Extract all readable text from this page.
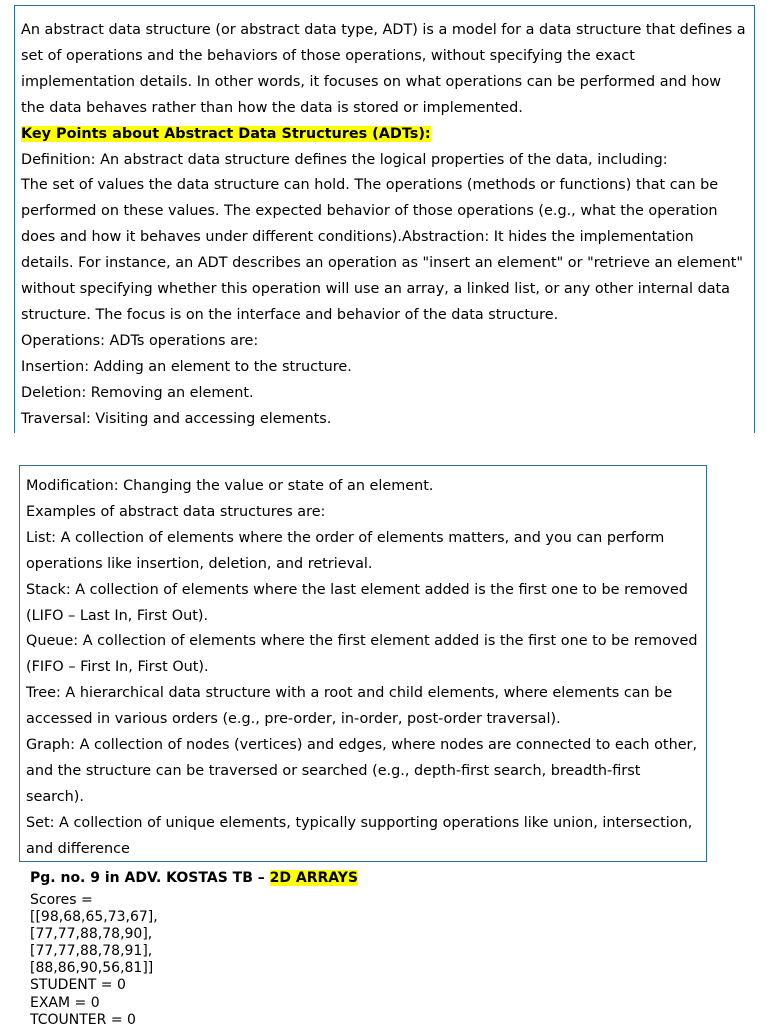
An abstract data structure (or abstract data type, ADT) is a model for a data structure that defines a
set of operations and the behaviors of those operations, without specifying the exact
implementation details. In other words, it focuses on what operations can be performed and how
the data behaves rather than how the data is stored or implemented.
Key Points about Abstract Data Structures (ADTs):
Definition: An abstract data structure defines the logical properties of the data, including:
The set of values the data structure can hold. The operations (methods or functions) that can be
performed on these values. The expected behavior of those operations (e.g., what the operation
does and how it behaves under different conditions).Abstraction: It hides the implementation
details. For instance, an ADT describes an operation as "insert an element" or "retrieve an element"
without specifying whether this operation will use an array, a linked list, or any other internal data
structure. The focus is on the interface and behavior of the data structure.
Operations: ADTs operations are:
Insertion: Adding an element to the structure.
Deletion: Removing an element.
Traversal: Visiting and accessing elements.
Modification: Changing the value or state of an element.
Examples of abstract data structures are:
List: A collection of elements where the order of elements matters, and you can perform
operations like insertion, deletion, and retrieval.
Stack: A collection of elements where the last element added is the first one to be removed
(LIFO – Last In, First Out).
Queue: A collection of elements where the first element added is the first one to be removed
(FIFO – First In, First Out).
Tree: A hierarchical data structure with a root and child elements, where elements can be
accessed in various orders (e.g., pre-order, in-order, post-order traversal).
Graph: A collection of nodes (vertices) and edges, where nodes are connected to each other,
and the structure can be traversed or searched (e.g., depth-first search, breadth-first
search).
Set: A collection of unique elements, typically supporting operations like union, intersection,
and difference
Pg. no. 9 in ADV. KOSTAS TB – 2D ARRAYS
Scores =
[[98,68,65,73,67],
[77,77,88,78,90],
[77,77,88,78,91],
[88,86,90,56,81]]
STUDENT = 0
EXAM = 0
TCOUNTER = 0
